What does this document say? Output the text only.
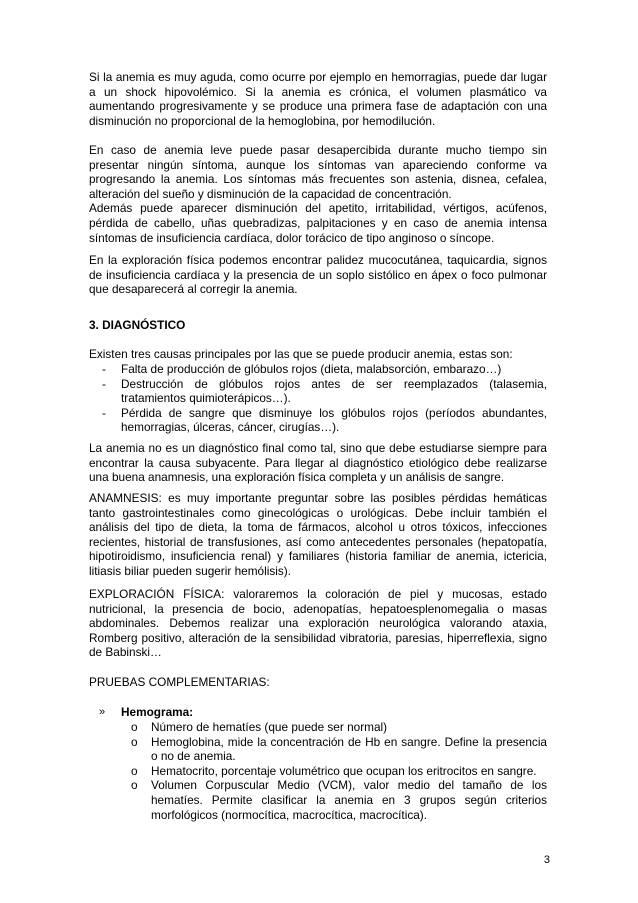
Si la anemia es muy aguda, como ocurre por ejemplo en hemorragias, puede dar lugar a un shock hipovolémico. Si la anemia es crónica, el volumen plasmático va aumentando progresivamente y se produce una primera fase de adaptación con una disminución no proporcional de la hemoglobina, por hemodilución.

En caso de anemia leve puede pasar desapercibida durante mucho tiempo sin presentar ningún síntoma, aunque los síntomas van apareciendo conforme va progresando la anemia. Los síntomas más frecuentes son astenia, disnea, cefalea, alteración del sueño y disminución de la capacidad de concentración.

Además puede aparecer disminución del apetito, irritabilidad, vértigos, acúfenos, pérdida de cabello, uñas quebradizas, palpitaciones y en caso de anemia intensa síntomas de insuficiencia cardíaca, dolor torácico de tipo anginoso o síncope.

En la exploración física podemos encontrar palidez mucocutánea, taquicardia, signos de insuficiencia cardíaca y la presencia de un soplo sistólico en ápex o foco pulmonar que desaparecerá al corregir la anemia.

3. DIAGNÓSTICO

Existen tres causas principales por las que se puede producir anemia, estas son:

- Falta de producción de glóbulos rojos (dieta, malabsorción, embarazo…)
- Destrucción de glóbulos rojos antes de ser reemplazados (talasemia, tratamientos quimioterápicos…).
- Pérdida de sangre que disminuye los glóbulos rojos (períodos abundantes, hemorragias, úlceras, cáncer, cirugías…).

La anemia no es un diagnóstico final como tal, sino que debe estudiarse siempre para encontrar la causa subyacente. Para llegar al diagnóstico etiológico debe realizarse una buena anamnesis, una exploración física completa y un análisis de sangre.

ANAMNESIS: es muy importante preguntar sobre las posibles pérdidas hemáticas tanto gastrointestinales como ginecológicas o urológicas. Debe incluir también el análisis del tipo de dieta, la toma de fármacos, alcohol u otros tóxicos, infecciones recientes, historial de transfusiones, así como antecedentes personales (hepatopatía, hipotiroidismo, insuficiencia renal) y familiares (historia familiar de anemia, ictericia, litiasis biliar pueden sugerir hemólisis).

EXPLORACIÓN FÍSICA: valoraremos la coloración de piel y mucosas, estado nutricional, la presencia de bocio, adenopatías, hepatoesplenomegalia o masas abdominales. Debemos realizar una exploración neurológica valorando ataxia, Romberg positivo, alteración de la sensibilidad vibratoria, paresias, hiperreflexia, signo de Babinski…

PRUEBAS COMPLEMENTARIAS:
» Hemograma:
o Número de hematíes (que puede ser normal)
o Hemoglobina, mide la concentración de Hb en sangre. Define la presencia o no de anemia.
o Hematocrito, porcentaje volumétrico que ocupan los eritrocitos en sangre.
o Volumen Corpuscular Medio (VCM), valor medio del tamaño de los hematíes. Permite clasificar la anemia en 3 grupos según criterios morfológicos (normocítica, macrocítica, macrocítica).
3
